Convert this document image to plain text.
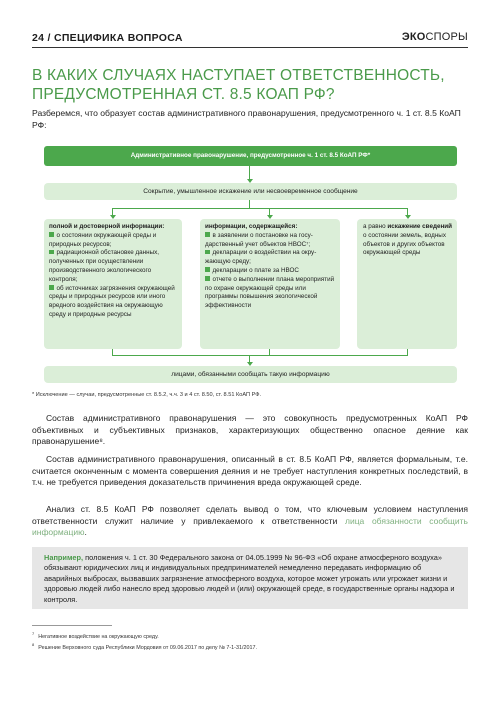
24 / СПЕЦИФИКА ВОПРОСА	ЭКОСПОРЫ
В КАКИХ СЛУЧАЯХ НАСТУПАЕТ ОТВЕТСТВЕННОСТЬ, ПРЕДУСМОТРЕННАЯ СТ. 8.5 КОАП РФ?
Разберемся, что образует состав административного правонарушения, предусмотренного ч. 1 ст. 8.5 КоАП РФ:
Административное правонарушение, предусмотренное ч. 1 ст. 8.5 КоАП РФ*
Сокрытие, умышленное искажение или несвоевременное сообщение
полной и достоверной информации:
о состоянии окружающей среды и природных ресурсов;
радиационной обстановке данных, полученных при осуществлении производственного экологического контроля;
об источниках загрязнения окружающей среды и природных ресурсов или иного вредного воздействия на окружающую среду и природные ресурсы
информации, содержащейся:
в заявлении о постановке на государственный учет объектов НВОС⁷;
декларации о воздействии на окружающую среду;
декларации о плате за НВОС
отчете о выполнении плана мероприятий по охране окружающей среды или программы повышения экологической эффективности
а равно искажение сведений о состоянии земель, водных объектов и других объектов окружающей среды
лицами, обязанными сообщать такую информацию
* Исключение — случаи, предусмотренные ст. 8.5.2, ч.ч. 3 и 4 ст. 8.50, ст. 8.51 КоАП РФ.
Состав административного правонарушения — это совокупность предусмотренных КоАП РФ объективных и субъективных признаков, характеризующих общественно опасное деяние как правонарушение⁸.
Состав административного правонарушения, описанный в ст. 8.5 КоАП РФ, является формальным, т.е. считается оконченным с момента совершения деяния и не требует наступления конкретных последствий, в т.ч. не требуется приведения доказательств причинения вреда окружающей среде.
Анализ ст. 8.5 КоАП РФ позволяет сделать вывод о том, что ключевым условием наступления ответственности служит наличие у привлекаемого к ответственности лица обязанности сообщить информацию.
Например, положения ч. 1 ст. 30 Федерального закона от 04.05.1999 № 96-ФЗ «Об охране атмосферного воздуха» обязывают юридических лиц и индивидуальных предпринимателей немедленно передавать информацию об аварийных выбросах, вызвавших загрязнение атмосферного воздуха, которое может угрожать или угрожает жизни и здоровью людей либо нанесло вред здоровью людей и (или) окружающей среде, в государственные органы надзора и контроля.
$^7$Негативное воздействие на окружающую среду.
$^8$Решение Верховного суда Республики Мордовия от 09.06.2017 по делу № 7-1-31/2017.
